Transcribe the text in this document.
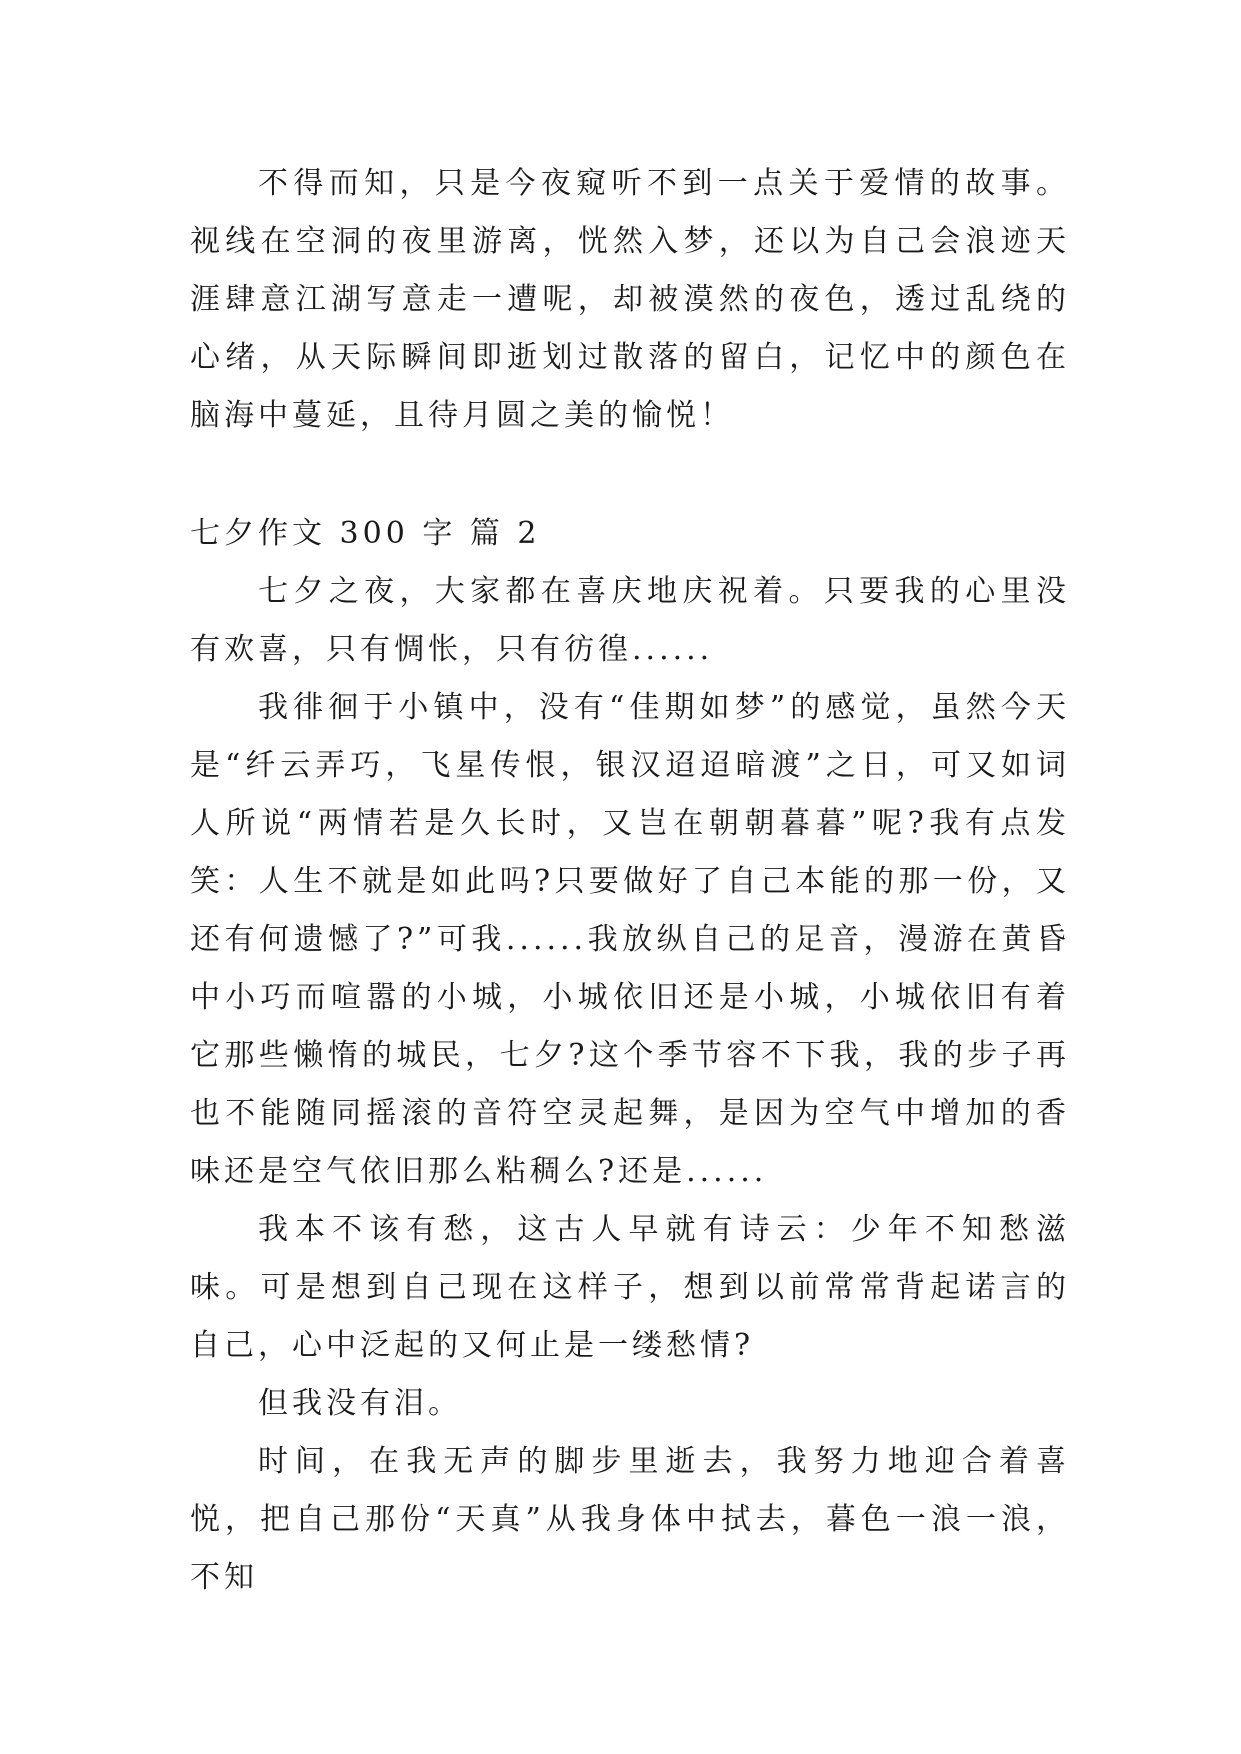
不得而知，只是今夜窥听不到一点关于爱情的故事。视线在空洞的夜里游离，恍然入梦，还以为自己会浪迹天涯肆意江湖写意走一遭呢，却被漠然的夜色，透过乱绕的心绪，从天际瞬间即逝划过散落的留白，记忆中的颜色在脑海中蔓延，且待月圆之美的愉悦！

七夕作文 300 字 篇 2

七夕之夜，大家都在喜庆地庆祝着。只要我的心里没有欢喜，只有惆怅，只有彷徨......

我徘徊于小镇中，没有“佳期如梦”的感觉，虽然今天是“纤云弄巧，飞星传恨，银汉迢迢暗渡”之日，可又如词人所说“两情若是久长时，又岂在朝朝暮暮”呢?我有点发笑：人生不就是如此吗?只要做好了自己本能的那一份，又还有何遗憾了?”可我......我放纵自己的足音，漫游在黄昏中小巧而喧嚣的小城，小城依旧还是小城，小城依旧有着它那些懒惰的城民，七夕?这个季节容不下我，我的步子再也不能随同摇滚的音符空灵起舞，是因为空气中增加的香味还是空气依旧那么粘稠么?还是......

我本不该有愁，这古人早就有诗云：少年不知愁滋味。可是想到自己现在这样子，想到以前常常背起诺言的自己，心中泛起的又何止是一缕愁情?

但我没有泪。

时间，在我无声的脚步里逝去，我努力地迎合着喜悦，把自己那份“天真”从我身体中拭去，暮色一浪一浪，不知
